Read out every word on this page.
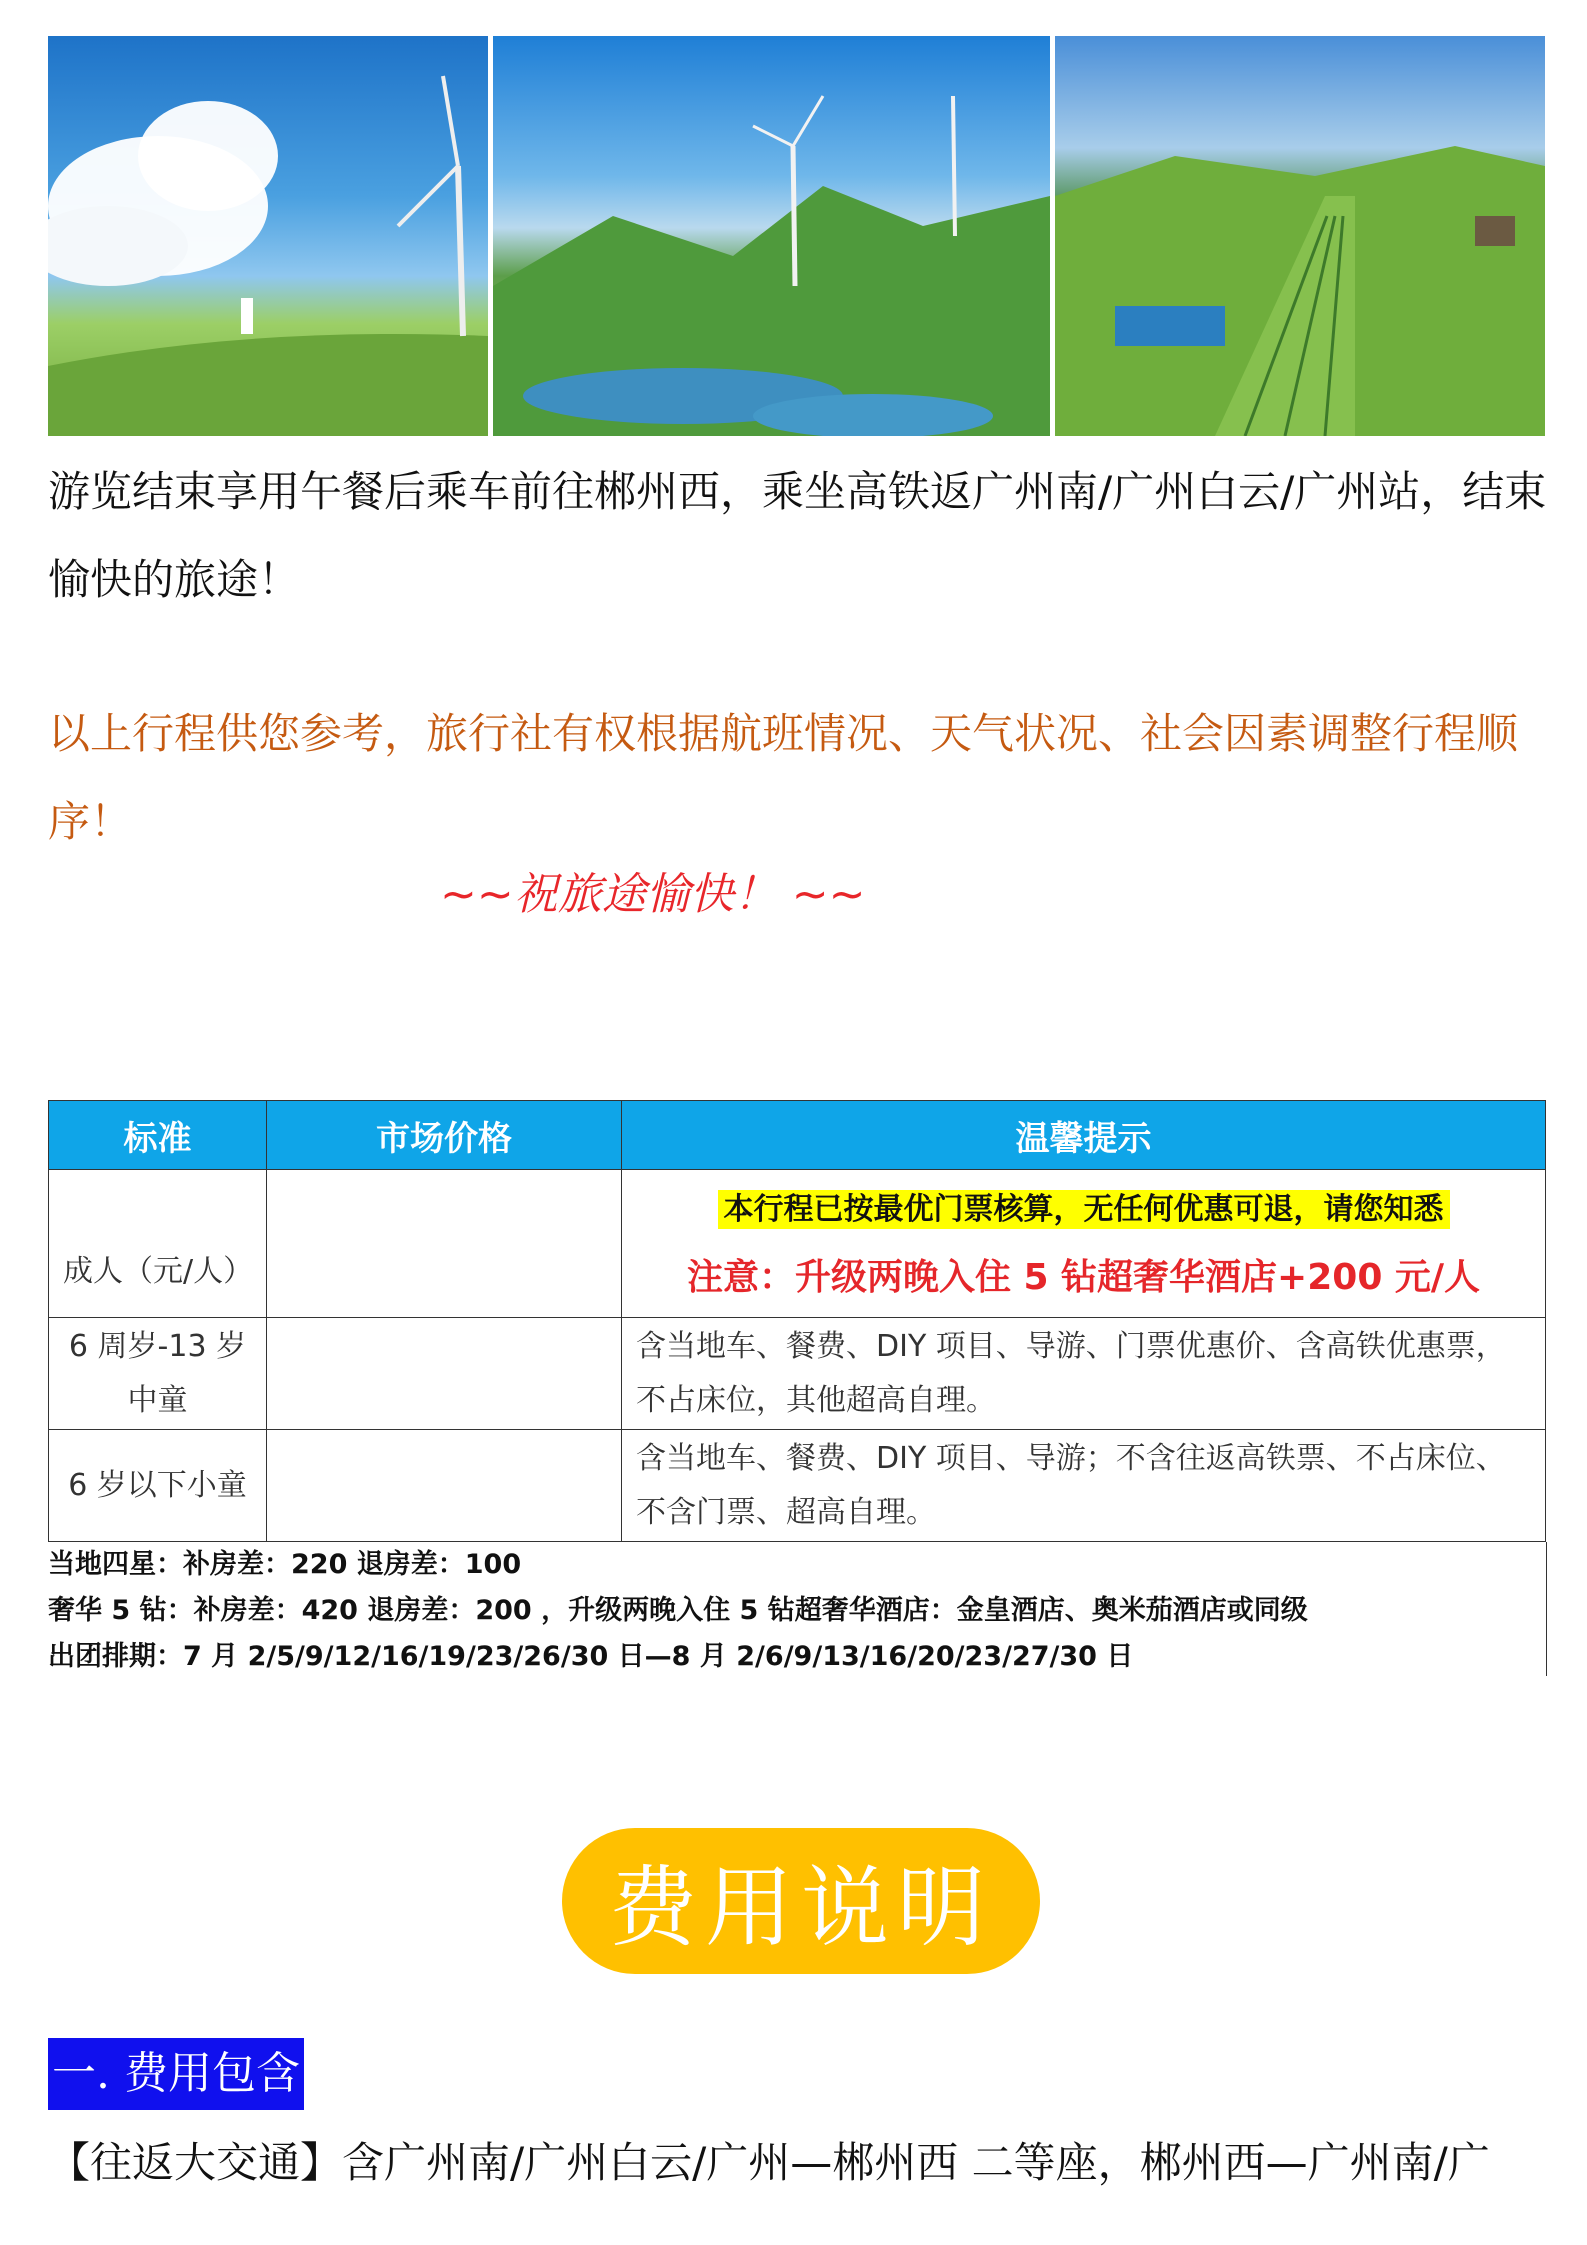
游览结束享用午餐后乘车前往郴州西，乘坐高铁返广州南/广州白云/广州站，结束愉快的旅途！

以上行程供您参考，旅行社有权根据航班情况、天气状况、社会因素调整行程顺序！

~~祝旅途愉快！ ~~

标准	市场价格	温馨提示
成人（元/人）		本行程已按最优门票核算，无任何优惠可退，请您知悉
注意：升级两晚入住 5 钻超奢华酒店+200 元/人

6 周岁-13 岁
中童		含当地车、餐费、DIY 项目、导游、门票优惠价、含高铁优惠票，不占床位，其他超高自理。
6 岁以下小童		含当地车、餐费、DIY 项目、导游；不含往返高铁票、不占床位、不含门票、超高自理。
当地四星：补房差：220 退房差：100
奢华 5 钻：补房差：420 退房差：200 ，升级两晚入住 5 钻超奢华酒店：金皇酒店、奥米茄酒店或同级
出团排期：7 月 2/5/9/12/16/19/23/26/30 日—8 月 2/6/9/13/16/20/23/27/30 日
费用说明
一. 费用包含

【往返大交通】含广州南/广州白云/广州—郴州西 二等座，郴州西—广州南/广
